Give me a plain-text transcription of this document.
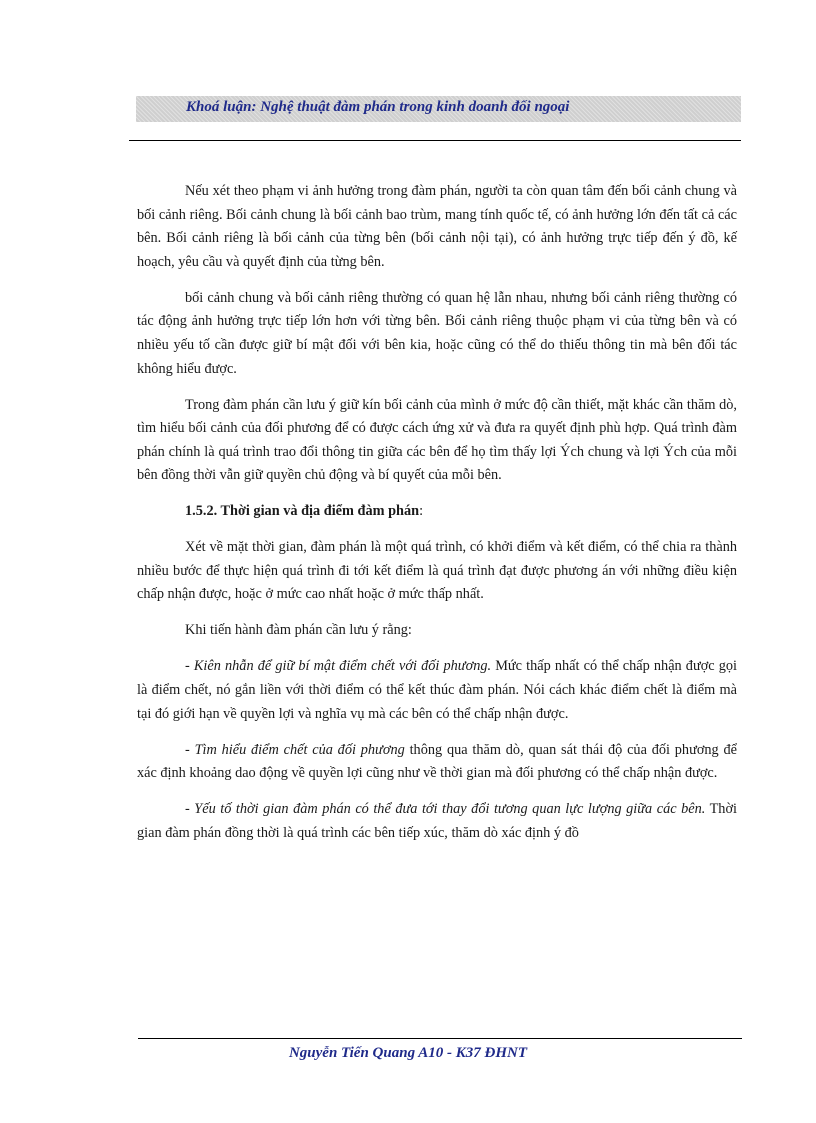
Khoá luận: Nghệ thuật đàm phán trong kinh doanh đối ngoại

Nếu xét theo phạm vi ảnh hưởng trong đàm phán, người ta còn quan tâm đến bối cảnh chung và bối cảnh riêng. Bối cảnh chung là bối cảnh bao trùm, mang tính quốc tế, có ảnh hưởng lớn đến tất cả các bên. Bối cảnh riêng là bối cảnh của từng bên (bối cảnh nội tại), có ảnh hưởng trực tiếp đến ý đồ, kế hoạch, yêu cầu và quyết định của từng bên.

bối cảnh chung và bối cảnh riêng thường có quan hệ lẫn nhau, nhưng bối cảnh riêng thường có tác động ảnh hưởng trực tiếp lớn hơn với từng bên. Bối cảnh riêng thuộc phạm vi của từng bên và có nhiều yếu tố cần được giữ bí mật đối với bên kia, hoặc cũng có thể do thiếu thông tin mà bên đối tác không hiểu được.

Trong đàm phán cần lưu ý giữ kín bối cảnh của mình ở mức độ cần thiết, mặt khác cần thăm dò, tìm hiểu bối cảnh của đối phương để có được cách ứng xử và đưa ra quyết định phù hợp. Quá trình đàm phán chính là quá trình trao đổi thông tin giữa các bên để họ tìm thấy lợi Ých chung và lợi Ých của mỗi bên đồng thời vẫn giữ quyền chủ động và bí quyết của mỗi bên.

1.5.2. Thời gian và địa điểm đàm phán:

Xét về mặt thời gian, đàm phán là một quá trình, có khởi điểm và kết điểm, có thể chia ra thành nhiều bước để thực hiện quá trình đi tới kết điểm là quá trình đạt được phương án với những điều kiện chấp nhận được, hoặc ở mức cao nhất hoặc ở mức thấp nhất.

Khi tiến hành đàm phán cần lưu ý rằng:

- Kiên nhẫn để giữ bí mật điểm chết với đối phương. Mức thấp nhất có thể chấp nhận được gọi là điểm chết, nó gắn liền với thời điểm có thể kết thúc đàm phán. Nói cách khác điểm chết là điểm mà tại đó giới hạn về quyền lợi và nghĩa vụ mà các bên có thể chấp nhận được.

- Tìm hiểu điểm chết của đối phương thông qua thăm dò, quan sát thái độ của đối phương để xác định khoảng dao động về quyền lợi cũng như về thời gian mà đối phương có thể chấp nhận được.

- Yếu tố thời gian đàm phán có thể đưa tới thay đổi tương quan lực lượng giữa các bên. Thời gian đàm phán đồng thời là quá trình các bên tiếp xúc, thăm dò xác định ý đồ

Nguyễn Tiến Quang A10 - K37 ĐHNT
